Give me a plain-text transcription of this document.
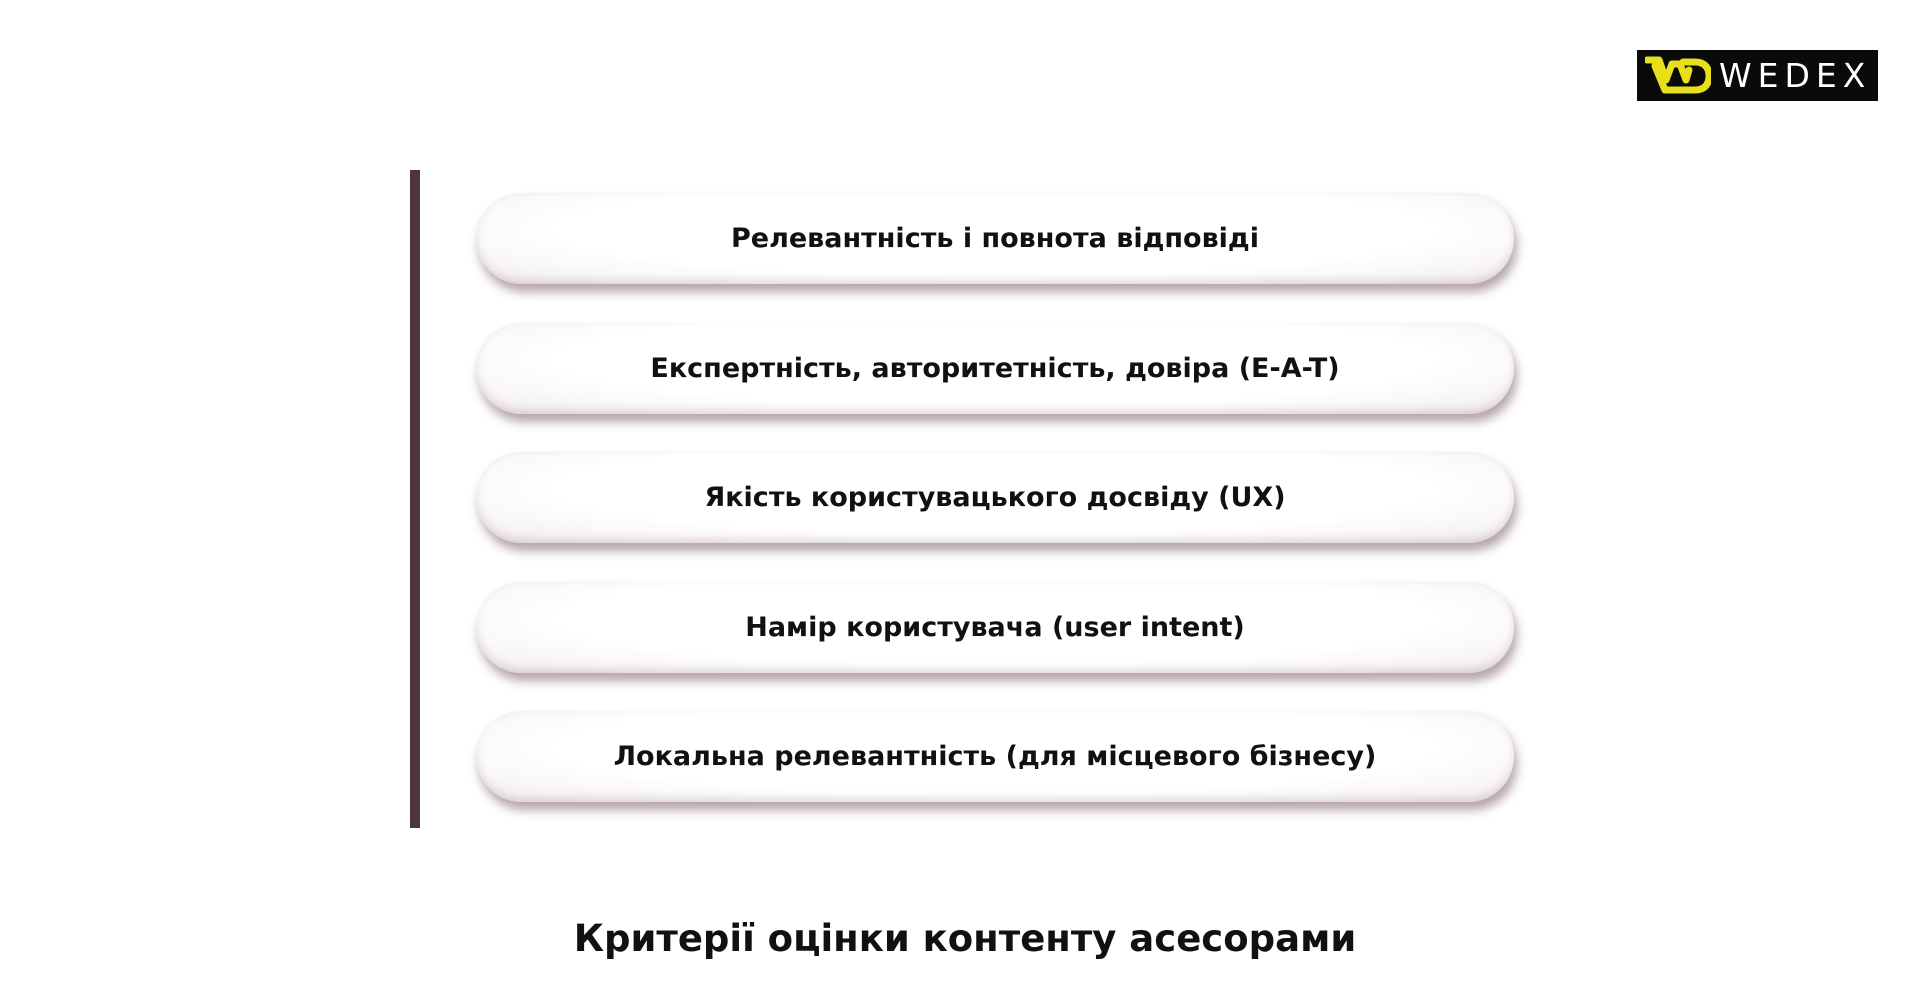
WEDEX
Релевантність і повнота відповіді
Експертність, авторитетність, довіра (E-A-T)
Якість користувацького досвіду (UX)
Намір користувача (user intent)
Локальна релевантність (для місцевого бізнесу)
Критерії оцінки контенту асесорами
